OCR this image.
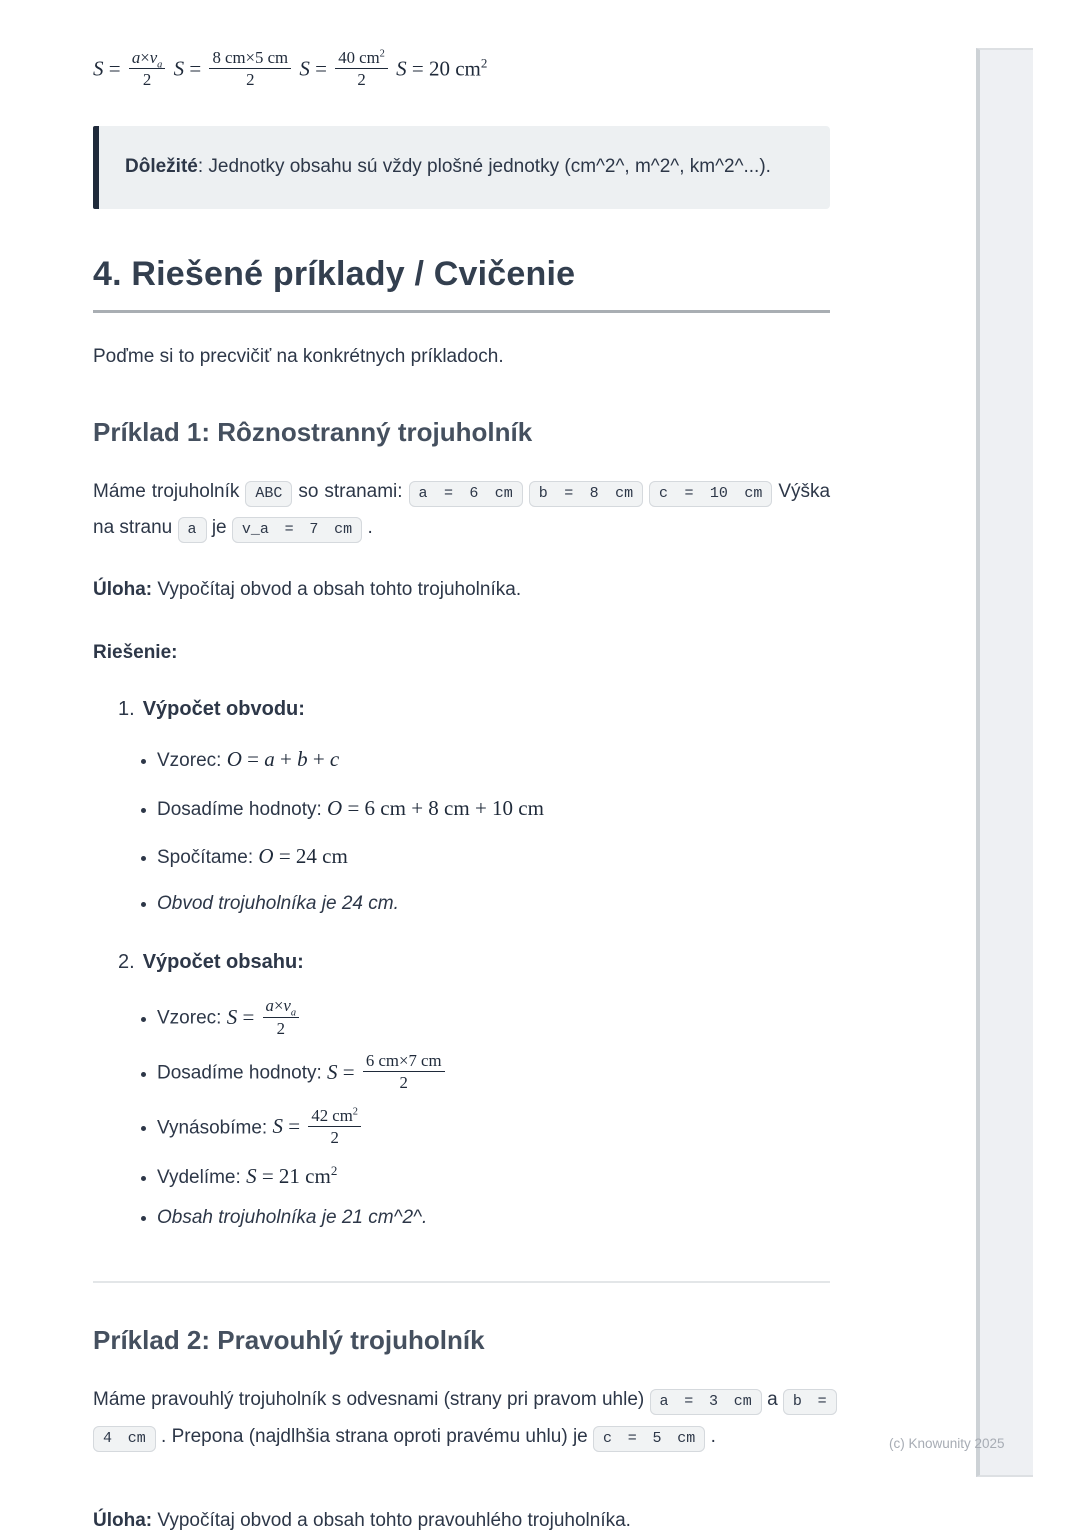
$S = \frac{a\times v_a}{2}$ $S = \frac{8 cm\times 5 cm}{2}$ $S = \frac{40 cm^2}{2}$ S = 20 $cm^2$

Dôležité: Jednotky obsahu sú vždy plošné jednotky (cm^2^, m^2^, km^2^...).

4. Riešené príklady / Cvičenie

Poďme si to precvičiť na konkrétnych príkladoch.

Príklad 1: Rôznostranný trojuholník

Máme trojuholník ABC so stranami: a = 6 cm b = 8 cm c = 10 cm Výška na stranu a je v_a = 7 cm .

Úloha: Vypočítaj obvod a obsah tohto trojuholníka.

Riešenie:

1. Výpočet obvodu:
• Vzorec: O = a + b + c
• Dosadíme hodnoty: O = 6 cm + 8 cm + 10 cm
• Spočítame: O = 24 cm
• Obvod trojuholníka je 24 cm.
2. Výpočet obsahu:
• Vzorec: $S = \frac{a\times v_a}{2}$
• Dosadíme hodnoty: $S = \frac{6 cm\times 7 cm}{2}$
• Vynásobíme: $S = \frac{42 cm^2}{2}$
• Vydelíme: S = 21 $cm^2$
• Obsah trojuholníka je 21 cm^2^.
Príklad 2: Pravouhlý trojuholník

Máme pravouhlý trojuholník s odvesnami (strany pri pravom uhle) a = 3 cm a b = 4 cm . Prepona (najdlhšia strana oproti pravému uhlu) je c = 5 cm .

Úloha: Vypočítaj obvod a obsah tohto pravouhlého trojuholníka.

(c) Knowunity 2025
